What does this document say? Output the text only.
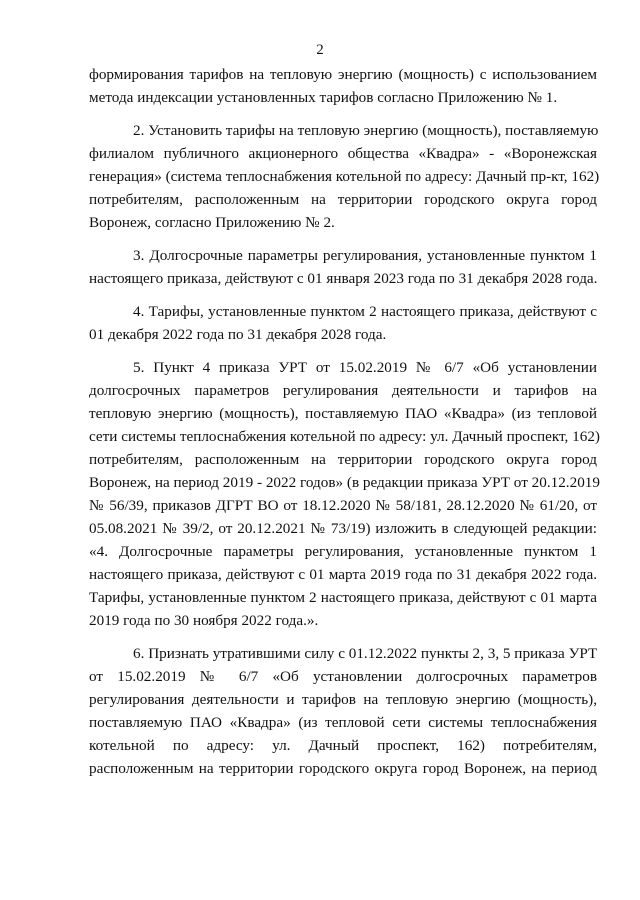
2
формирования тарифов на тепловую энергию (мощность) с использованием
метода индексации установленных тарифов согласно Приложению № 1.
2. Установить тарифы на тепловую энергию (мощность), поставляемую
филиалом публичного акционерного общества «Квадра» - «Воронежская
генерация» (система теплоснабжения котельной по адресу: Дачный пр-кт, 162)
потребителям, расположенным на территории городского округа город
Воронеж, согласно Приложению № 2.
3. Долгосрочные параметры регулирования, установленные пунктом 1
настоящего приказа, действуют с 01 января 2023 года по 31 декабря 2028 года.
4. Тарифы, установленные пунктом 2 настоящего приказа, действуют с
01 декабря 2022 года по 31 декабря 2028 года.
5. Пункт 4 приказа УРТ от 15.02.2019 № 6/7 «Об установлении
долгосрочных параметров регулирования деятельности и тарифов на
тепловую энергию (мощность), поставляемую ПАО «Квадра» (из тепловой
сети системы теплоснабжения котельной по адресу: ул. Дачный проспект, 162)
потребителям, расположенным на территории городского округа город
Воронеж, на период 2019 - 2022 годов» (в редакции приказа УРТ от 20.12.2019
№ 56/39, приказов ДГРТ ВО от 18.12.2020 № 58/181, 28.12.2020 № 61/20, от
05.08.2021 № 39/2, от 20.12.2021 № 73/19) изложить в следующей редакции:
«4. Долгосрочные параметры регулирования, установленные пунктом 1
настоящего приказа, действуют с 01 марта 2019 года по 31 декабря 2022 года.
Тарифы, установленные пунктом 2 настоящего приказа, действуют с 01 марта
2019 года по 30 ноября 2022 года.».
6. Признать утратившими силу с 01.12.2022 пункты 2, 3, 5 приказа УРТ
от 15.02.2019 № 6/7 «Об установлении долгосрочных параметров
регулирования деятельности и тарифов на тепловую энергию (мощность),
поставляемую ПАО «Квадра» (из тепловой сети системы теплоснабжения
котельной по адресу: ул. Дачный проспект, 162) потребителям,
расположенным на территории городского округа город Воронеж, на период
